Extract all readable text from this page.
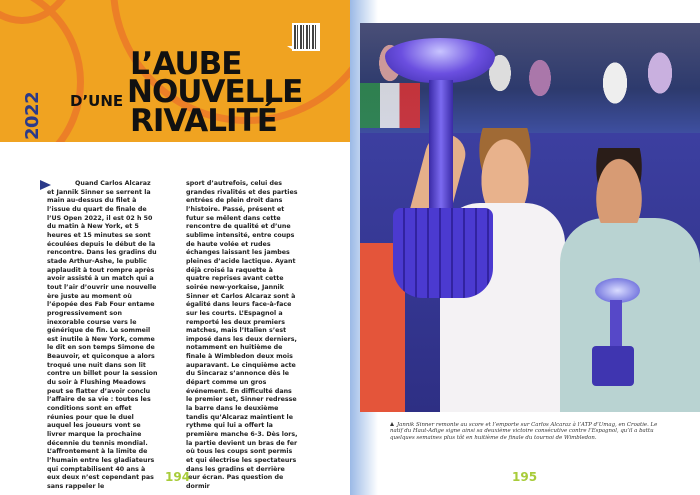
L’AUBE
D’UNE NOUVELLE
RIVALITÉ
2022

Quand Carlos Alcaraz et Jannik Sinner se serrent la main au-dessus du filet à l’issue du quart de finale de l’US Open 2022, il est 02 h 50 du matin à New York, et 5 heures et 15 minutes se sont écoulées depuis le début de la rencontre. Dans les gradins du stade Arthur-Ashe, le public applaudit à tout rompre après avoir assisté à un match qui a tout l’air d’ouvrir une nouvelle ère juste au moment où l’épopée des Fab Four entame progressivement son inexorable course vers le générique de fin. Le sommeil est inutile à New York, comme le dit en son temps Simone de Beauvoir, et quiconque a alors troqué une nuit dans son lit contre un billet pour la session du soir à Flushing Meadows peut se flatter d’avoir conclu l’affaire de sa vie : toutes les conditions sont en effet réunies pour que le duel auquel les joueurs vont se livrer marque la prochaine décennie du tennis mondial. L’affrontement à la limite de l’humain entre les gladiateurs qui comptabilisent 40 ans à eux deux n’est cependant pas sans rappeler le

sport d’autrefois, celui des grandes rivalités et des parties entrées de plein droit dans l’histoire. Passé, présent et futur se mêlent dans cette rencontre de qualité et d’une sublime intensité, entre coups de haute volée et rudes échanges laissant les jambes pleines d’acide lactique. Ayant déjà croisé la raquette à quatre reprises avant cette soirée new-yorkaise, Jannik Sinner et Carlos Alcaraz sont à égalité dans leurs face-à-face sur les courts. L’Espagnol a remporté les deux premiers matches, mais l’Italien s’est imposé dans les deux derniers, notamment en huitième de finale à Wimbledon deux mois auparavant. Le cinquième acte du Sincaraz s’annonce dès le départ comme un gros événement. En difficulté dans le premier set, Sinner redresse la barre dans le deuxième tandis qu’Alcaraz maintient le rythme qui lui a offert la première manche 6-3. Dès lors, la partie devient un bras de fer où tous les coups sont permis et qui électrise les spectateurs dans les gradins et derrière leur écran. Pas question de dormir

194	195
Jannik Sinner remonte au score et l’emporte sur Carlos Alcaraz à l’ATP d’Umag, en Croatie. Le natif du Haut-Adige signe ainsi sa deuxième victoire consécutive contre l’Espagnol, qu’il a battu quelques semaines plus tôt en huitième de finale du tournoi de Wimbledon.
